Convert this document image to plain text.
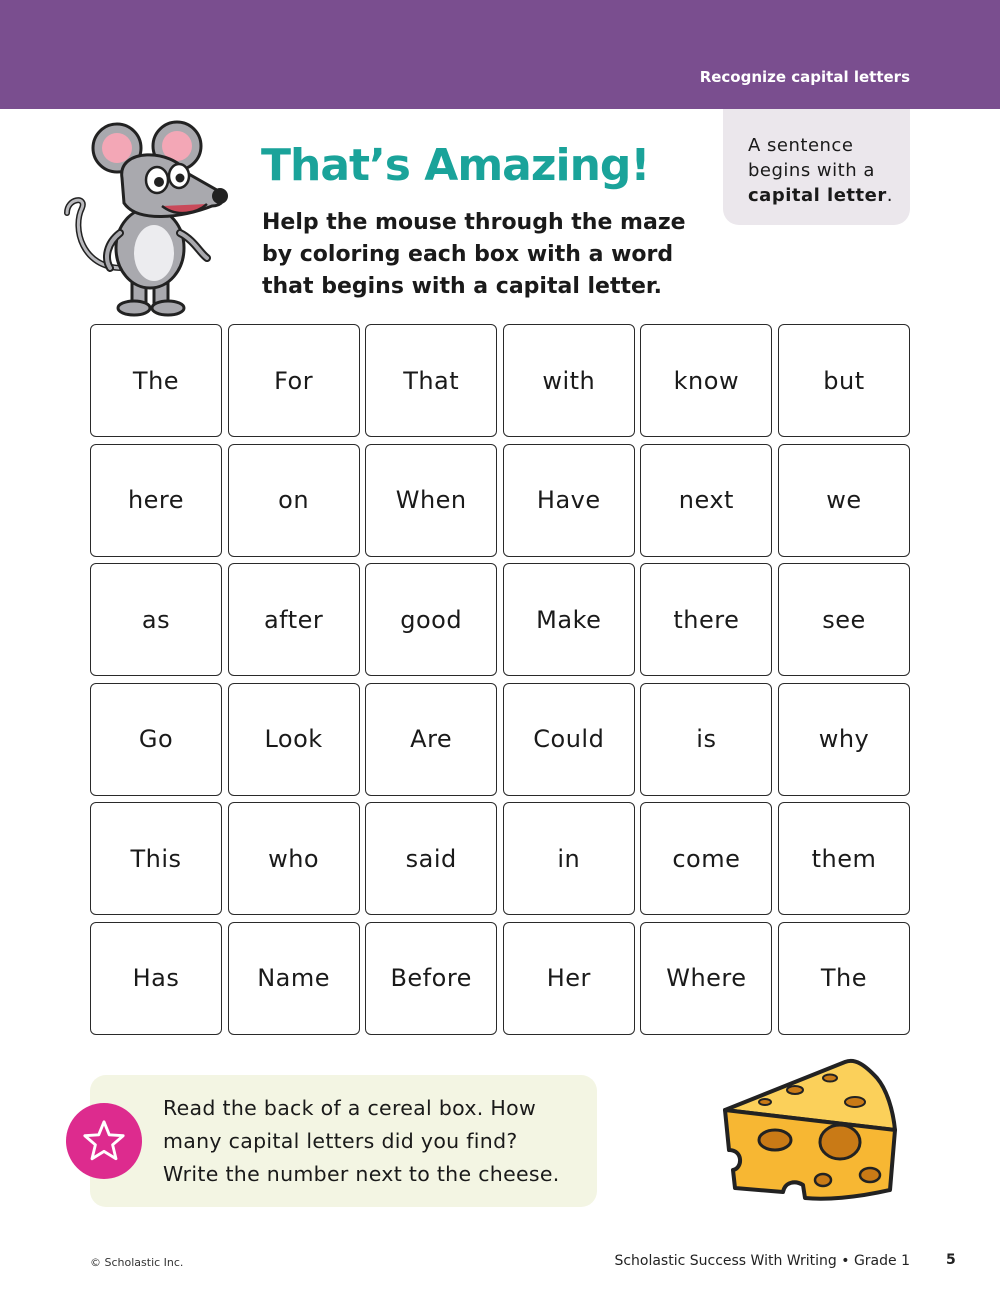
Recognize capital letters
That’s Amazing!
Help the mouse through the maze by coloring each box with a word that begins with a capital letter.
A sentence begins with a capital letter.
The	For	That	with	know	but
here	on	When	Have	next	we
as	after	good	Make	there	see
Go	Look	Are	Could	is	why
This	who	said	in	come	them
Has	Name	Before	Her	Where	The
Read the back of a cereal box. How
many capital letters did you find?
Write the number next to the cheese.
© Scholastic Inc.	Scholastic Success With Writing • Grade 1	5
